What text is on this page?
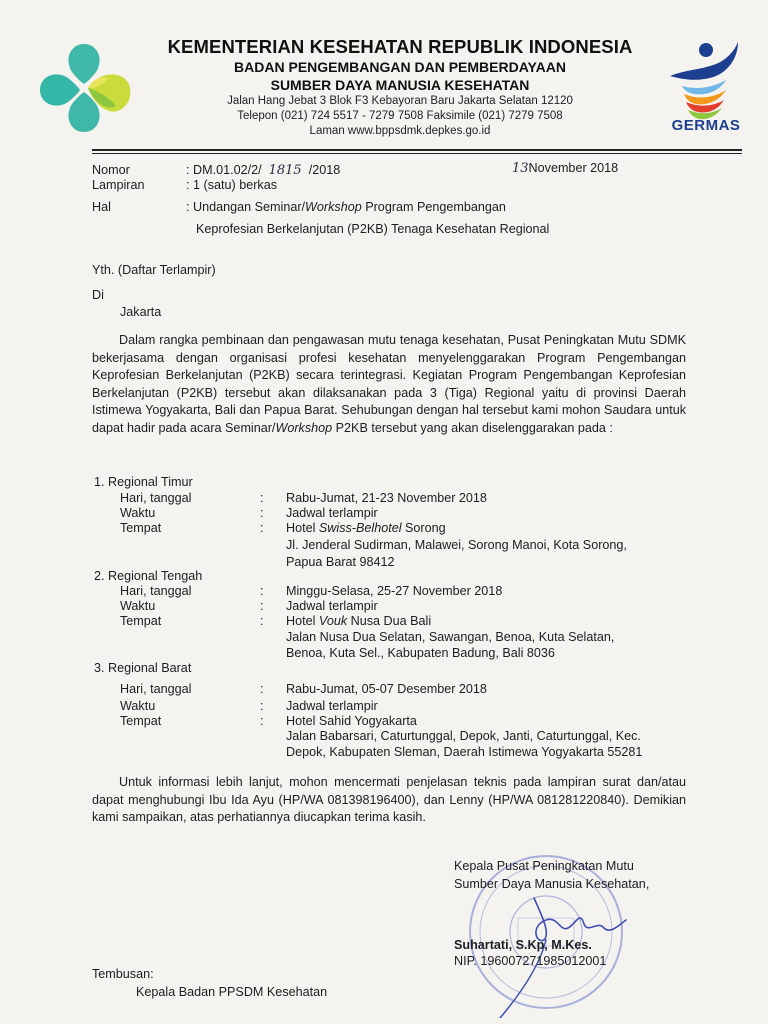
KEMENTERIAN KESEHATAN REPUBLIK INDONESIA
BADAN PENGEMBANGAN DAN PEMBERDAYAAN
SUMBER DAYA MANUSIA KESEHATAN
Jalan Hang Jebat 3 Blok F3 Kebayoran Baru Jakarta Selatan 12120
Telepon (021) 724 5517 - 7279 7508 Faksimile (021) 7279 7508
Laman www.bppsdmk.depkes.go.id	GERMAS
Nomor	: DM.01.02/2/ 1815 /2018	13November 2018
Lampiran	: 1 (satu) berkas
Hal	: Undangan Seminar/Workshop Program Pengembangan
Keprofesian Berkelanjutan (P2KB) Tenaga Kesehatan Regional
Yth. (Daftar Terlampir)
Di
Jakarta

Dalam rangka pembinaan dan pengawasan mutu tenaga kesehatan, Pusat Peningkatan Mutu SDMK bekerjasama dengan organisasi profesi kesehatan menyelenggarakan Program Pengembangan Keprofesian Berkelanjutan (P2KB) secara terintegrasi. Kegiatan Program Pengembangan Keprofesian Berkelanjutan (P2KB) tersebut akan dilaksanakan pada 3 (Tiga) Regional yaitu di provinsi Daerah Istimewa Yogyakarta, Bali dan Papua Barat. Sehubungan dengan hal tersebut kami mohon Saudara untuk dapat hadir pada acara Seminar/Workshop P2KB tersebut yang akan diselenggarakan pada :

1. Regional Timur
Hari, tanggal	: Rabu-Jumat, 21-23 November 2018
Waktu	: Jadwal terlampir
Tempat	: Hotel Swiss-Belhotel Sorong
Jl. Jenderal Sudirman, Malawei, Sorong Manoi, Kota Sorong,
Papua Barat 98412
2. Regional Tengah
Hari, tanggal	: Minggu-Selasa, 25-27 November 2018
Waktu	: Jadwal terlampir
Tempat	: Hotel Vouk Nusa Dua Bali
Jalan Nusa Dua Selatan, Sawangan, Benoa, Kuta Selatan,
Benoa, Kuta Sel., Kabupaten Badung, Bali 8036
3. Regional Barat
Hari, tanggal	: Rabu-Jumat, 05-07 Desember 2018
Waktu	: Jadwal terlampir
Tempat	: Hotel Sahid Yogyakarta
Jalan Babarsari, Caturtunggal, Depok, Janti, Caturtunggal, Kec.
Depok, Kabupaten Sleman, Daerah Istimewa Yogyakarta 55281

Untuk informasi lebih lanjut, mohon mencermati penjelasan teknis pada lampiran surat dan/atau dapat menghubungi Ibu Ida Ayu (HP/WA 081398196400), dan Lenny (HP/WA 081281220840). Demikian kami sampaikan, atas perhatiannya diucapkan terima kasih.

Kepala Pusat Peningkatan Mutu
Sumber Daya Manusia Kesehatan,
Suhartati, S.Kp, M.Kes.
NIP. 196007271985012001
Tembusan:
Kepala Badan PPSDM Kesehatan
